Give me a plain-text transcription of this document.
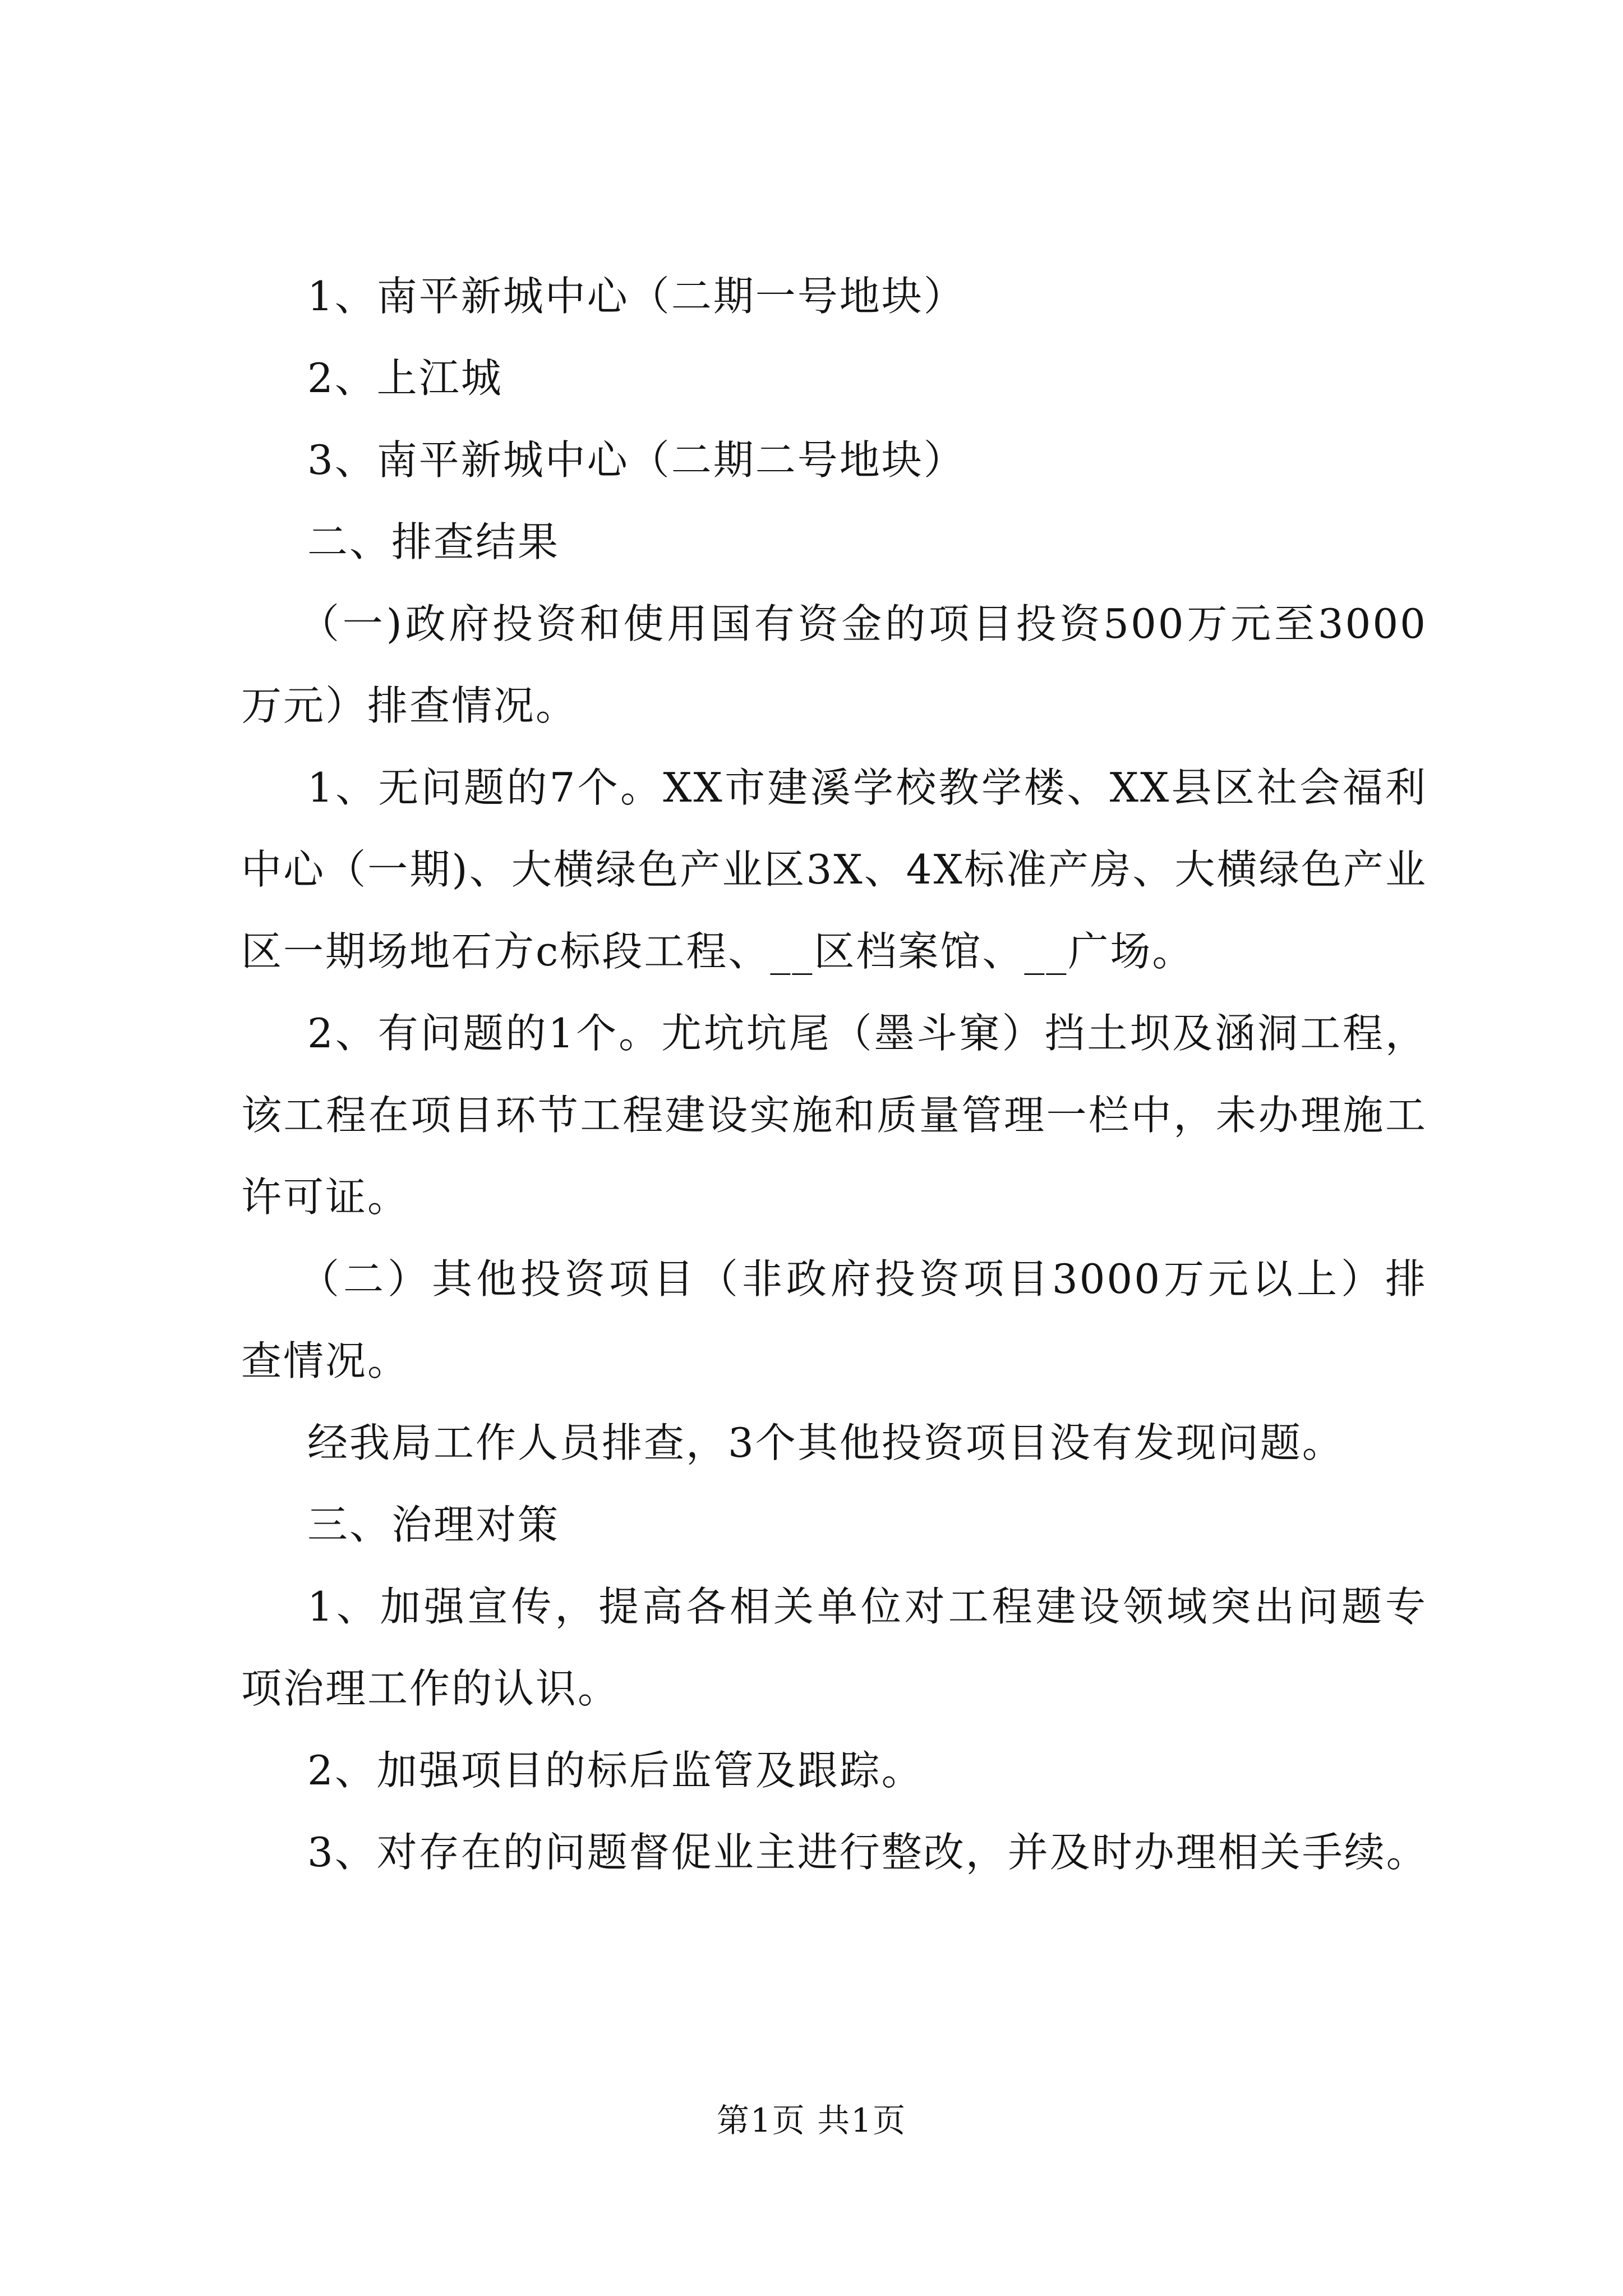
1、南平新城中心（二期一号地块）
2、上江城
3、南平新城中心（二期二号地块）
二、排查结果
（一)政府投资和使用国有资金的项目投资500万元至3000
万元）排查情况。
1、无问题的7个。XX市建溪学校教学楼、XX县区社会福利
中心（一期)、大横绿色产业区3X、4X标准产房、大横绿色产业
区一期场地石方c标段工程、__区档案馆、__广场。
2、有问题的1个。尤坑坑尾（墨斗窠）挡土坝及涵洞工程，
该工程在项目环节工程建设实施和质量管理一栏中，未办理施工
许可证。
（二）其他投资项目（非政府投资项目3000万元以上）排
查情况。
经我局工作人员排查，3个其他投资项目没有发现问题。
三、治理对策
1、加强宣传，提高各相关单位对工程建设领域突出问题专
项治理工作的认识。
2、加强项目的标后监管及跟踪。
3、对存在的问题督促业主进行整改，并及时办理相关手续。
第1页 共1页
